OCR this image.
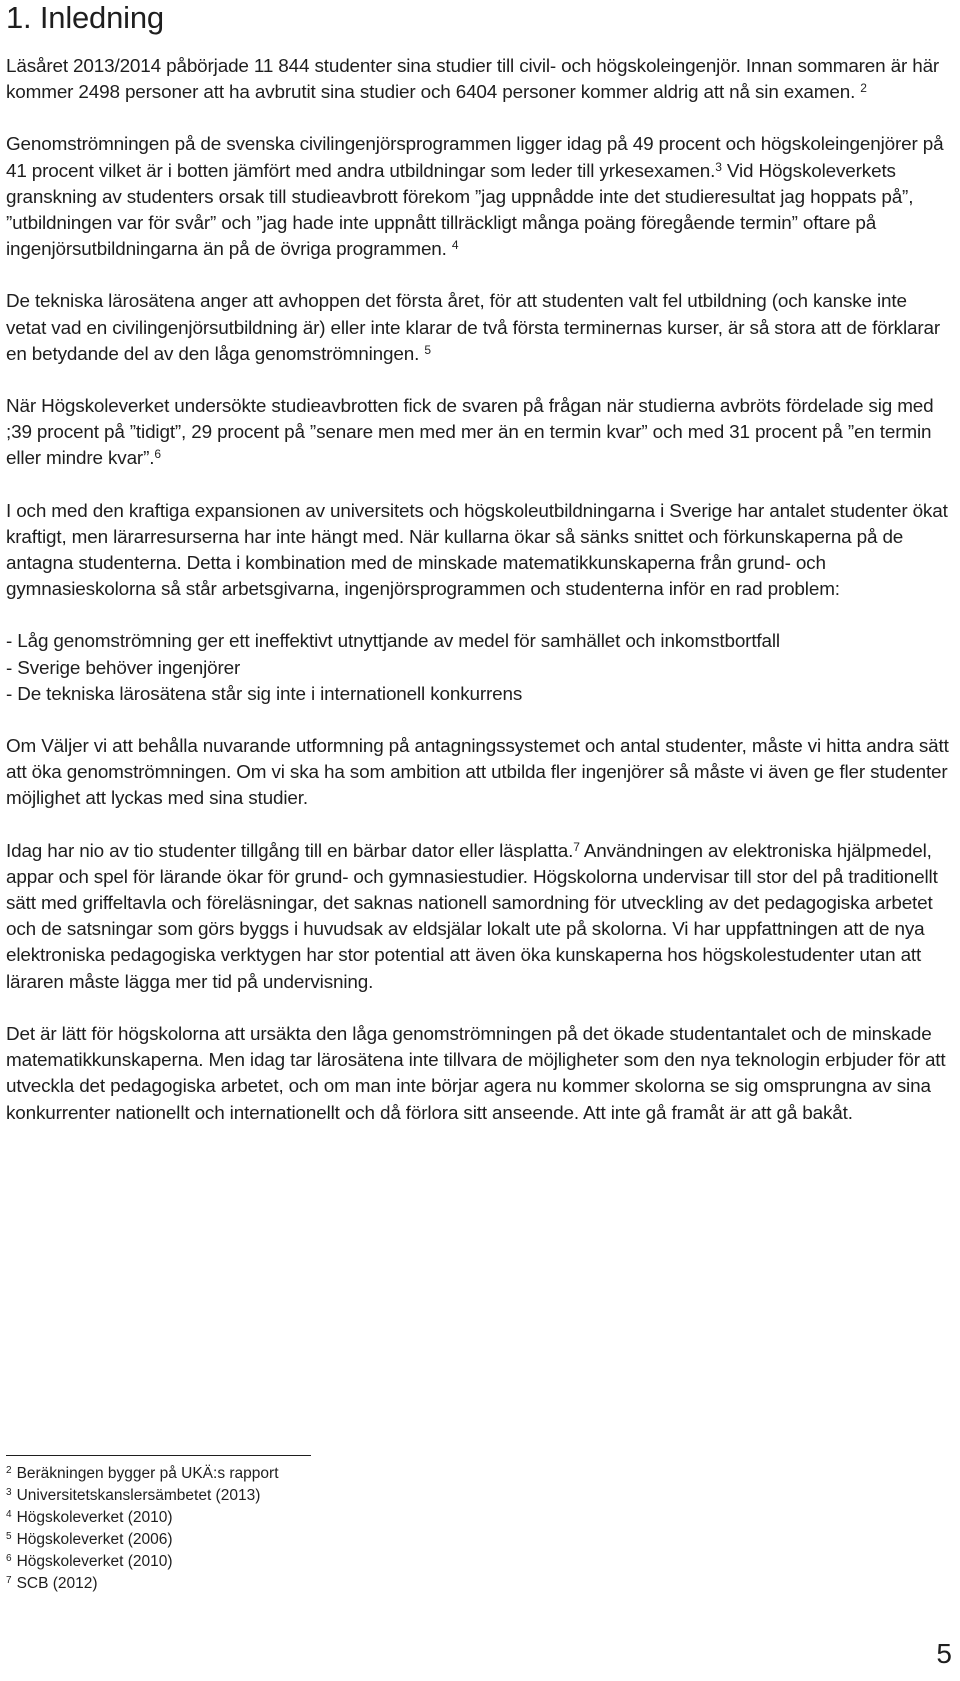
1. Inledning

Läsåret 2013/2014 påbörjade 11 844 studenter sina studier till civil- och högskoleingenjör. Innan sommaren är här kommer 2498 personer att ha avbrutit sina studier och 6404 personer kommer aldrig att nå sin examen. $^2$

Genomströmningen på de svenska civilingenjörsprogrammen ligger idag på 49 procent och högskoleingenjörer på 41 procent vilket är i botten jämfört med andra utbildningar som leder till yrkesexamen.$^3$ Vid Högskoleverkets granskning av studenters orsak till studieavbrott förekom ”jag uppnådde inte det studieresultat jag hoppats på”, ”utbildningen var för svår” och ”jag hade inte uppnått tillräckligt många poäng föregående termin” oftare på ingenjörsutbildningarna än på de övriga programmen. $^4$

De tekniska lärosätena anger att avhoppen det första året, för att studenten valt fel utbildning (och kanske inte vetat vad en civilingenjörsutbildning är) eller inte klarar de två första terminernas kurser, är så stora att de förklarar en betydande del av den låga genomströmningen. $^5$

När Högskoleverket undersökte studieavbrotten fick de svaren på frågan när studierna avbröts fördelade sig med ;39 procent på ”tidigt”, 29 procent på ”senare men med mer än en termin kvar” och med 31 procent på ”en termin eller mindre kvar”.$^6$

I och med den kraftiga expansionen av universitets och högskoleutbildningarna i Sverige har antalet studenter ökat kraftigt, men lärarresurserna har inte hängt med. När kullarna ökar så sänks snittet och förkunskaperna på de antagna studenterna. Detta i kombination med de minskade matematikkunskaperna från grund- och gymnasieskolorna så står arbetsgivarna, ingenjörsprogrammen och studenterna inför en rad problem:

- Låg genomströmning ger ett ineffektivt utnyttjande av medel för samhället och inkomstbortfall
- Sverige behöver ingenjörer
- De tekniska lärosätena står sig inte i internationell konkurrens

Om Väljer vi att behålla nuvarande utformning på antagningssystemet och antal studenter, måste vi hitta andra sätt att öka genomströmningen. Om vi ska ha som ambition att utbilda fler ingenjörer så måste vi även ge fler studenter möjlighet att lyckas med sina studier.

Idag har nio av tio studenter tillgång till en bärbar dator eller läsplatta.$^7$ Användningen av elektroniska hjälpmedel, appar och spel för lärande ökar för grund- och gymnasiestudier. Högskolorna undervisar till stor del på traditionellt sätt med griffeltavla och föreläsningar, det saknas nationell samordning för utveckling av det pedagogiska arbetet och de satsningar som görs byggs i huvudsak av eldsjälar lokalt ute på skolorna. Vi har uppfattningen att de nya elektroniska pedagogiska verktygen har stor potential att även öka kunskaperna hos högskolestudenter utan att läraren måste lägga mer tid på undervisning.

Det är lätt för högskolorna att ursäkta den låga genomströmningen på det ökade studentantalet och de minskade matematikkunskaperna. Men idag tar lärosätena inte tillvara de möjligheter som den nya teknologin erbjuder för att utveckla det pedagogiska arbetet, och om man inte börjar agera nu kommer skolorna se sig omsprungna av sina konkurrenter nationellt och internationellt och då förlora sitt anseende. Att inte gå framåt är att gå bakåt.

$^2$ Beräkningen bygger på UKÄ:s rapport
$^3$ Universitetskanslersämbetet (2013)
$^4$ Högskoleverket (2010)
$^5$ Högskoleverket (2006)
$^6$ Högskoleverket (2010)
$^7$ SCB (2012)
5
